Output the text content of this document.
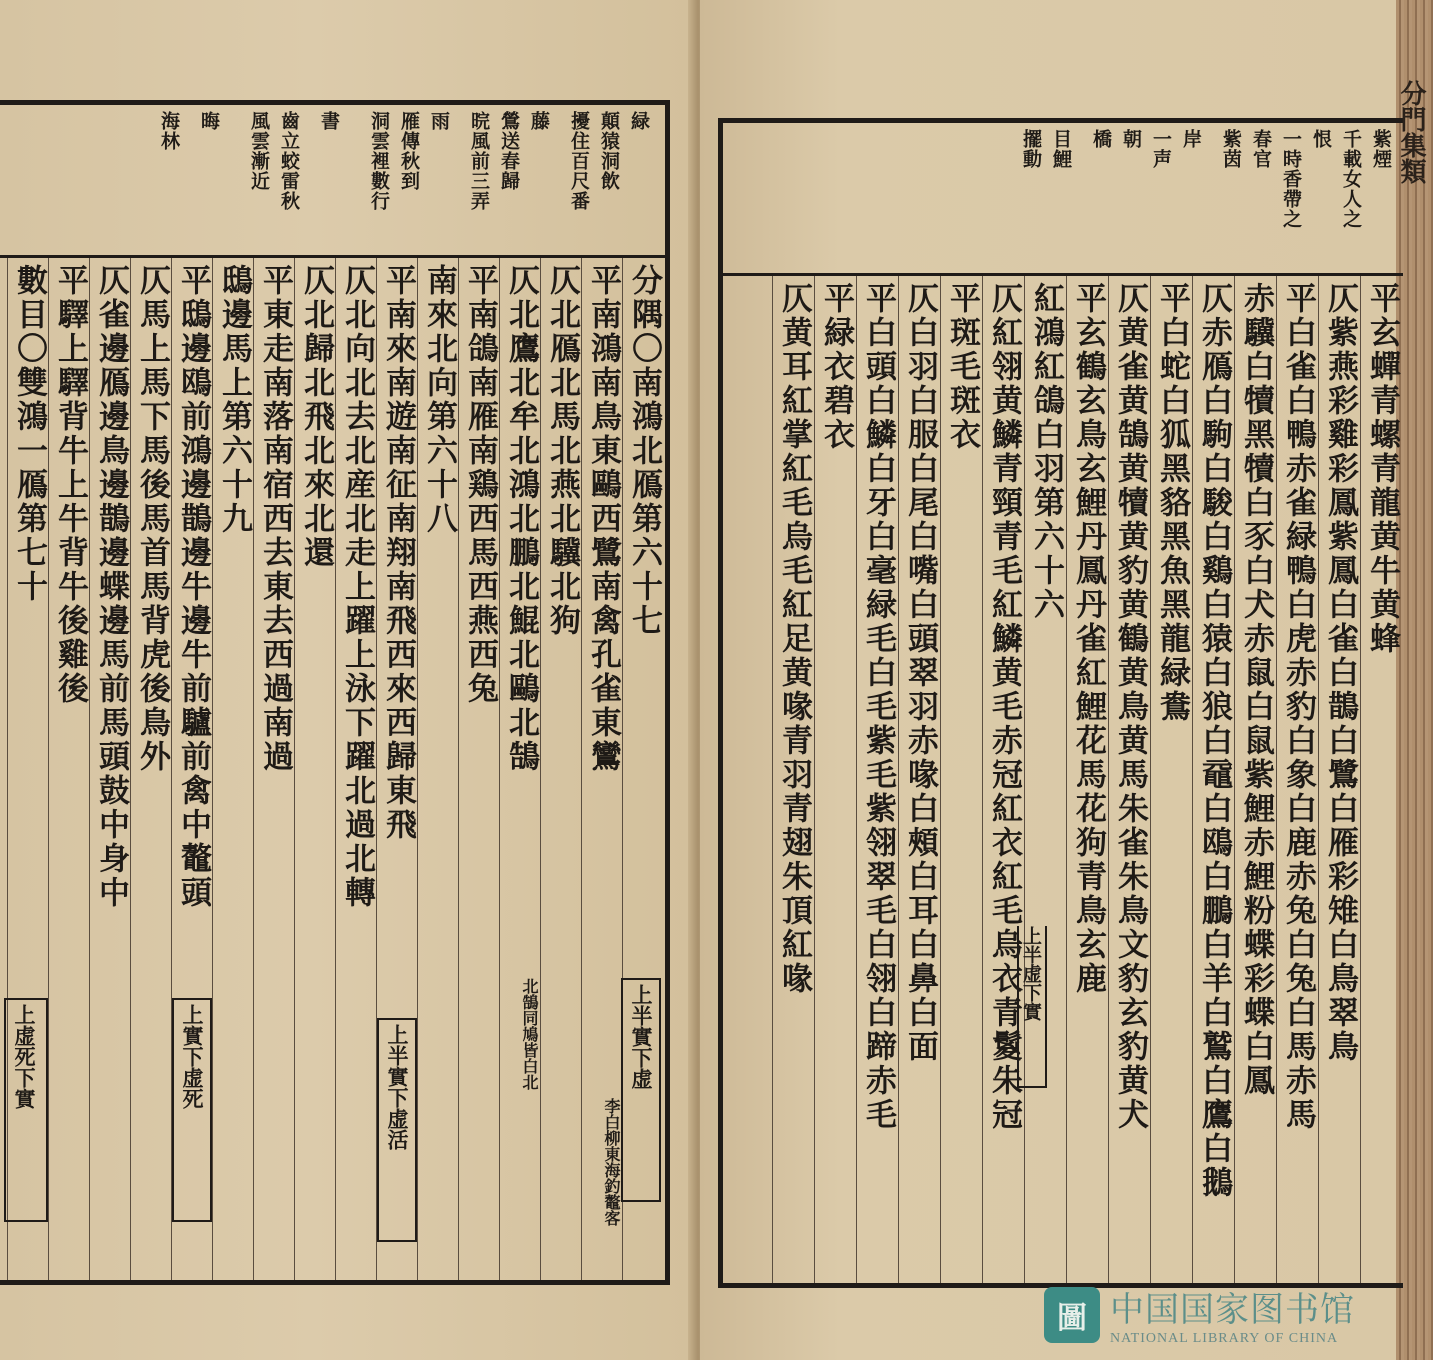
紫煙
千載女人之
恨
一時香帶之
春官
紫茵
岸
一声
朝
橋
目鯉
擺動
平玄蟬青螺青龍黄牛黄蜂
仄紫燕彩雞彩鳳紫鳳白雀白鵲白鷺白雁彩雉白鳥翠鳥
平白雀白鴨赤雀緑鴨白虎赤豹白象白鹿赤兔白兔白馬赤馬
赤驥白犢黑犢白豕白犬赤鼠白鼠紫鯉赤鯉粉蝶彩蝶白鳳
仄赤鴈白駒白駿白鷄白猿白狼白黿白鴎白鵬白羊白鷲白鷹白鵝
平白蛇白狐黑貉黑魚黑龍緑鴦
仄黄雀黄鵠黄犢黄豹黄鶴黄鳥黄馬朱雀朱鳥文豹玄豹黄犬
平玄鶴玄鳥玄鯉丹鳳丹雀紅鯉花馬花狗青鳥玄鹿
紅鴻紅鴿白羽第六十六
仄紅翎黄鱗青頸青毛紅鱗黄毛赤冠紅衣紅毛烏衣青鬉朱冠
平斑毛斑衣
仄白羽白服白尾白嘴白頭翠羽赤喙白頰白耳白鼻白面
平白頭白鱗白牙白毫緑毛白毛紫毛紫翎翠毛白翎白蹄赤毛
平緑衣碧衣
仄黄耳紅掌紅毛烏毛紅足黄喙青羽青翅朱頂紅喙	上半虚下實
分門集類
緑
顛猿洞飲
擾住百尺番
藤
鶯送春歸
晥風前三弄
雨
雁傳秋到
洞雲裡數行
書
齒立蛟雷秋
風雲漸近
晦
海林
分隅〇南鴻北鴈第六十七
平南鴻南鳥東鷗西鷺南禽孔雀東鸞
仄北鴈北馬北燕北驥北狗
仄北鷹北牟北鴻北鵬北鯤北鷗北鵠
平南鴿南雁南鶏西馬西燕西兔
南來北向第六十八
平南來南遊南征南翔南飛西來西歸東飛
仄北向北去北産北走上躍上泳下躍北過北轉
仄北歸北飛北來北還
平東走南落南宿西去東去西過南過
鴟邊馬上第六十九
平鴟邊鴎前鴻邊鵲邊牛邊牛前驢前禽中鼇頭
仄馬上馬下馬後馬首馬背虎後鳥外
仄雀邊鴈邊鳥邊鵲邊蝶邊馬前馬頭鼓中身中
平驛上驛背牛上牛背牛後雞後
數目〇雙鴻一鴈第七十
上半實下虚
上半實下虚活
上實下虚死
上虚死下實	北鵠同鳩皆白北
李白柳東海釣鼇客
圖 中国国家图书馆
NATIONAL LIBRARY OF CHINA
